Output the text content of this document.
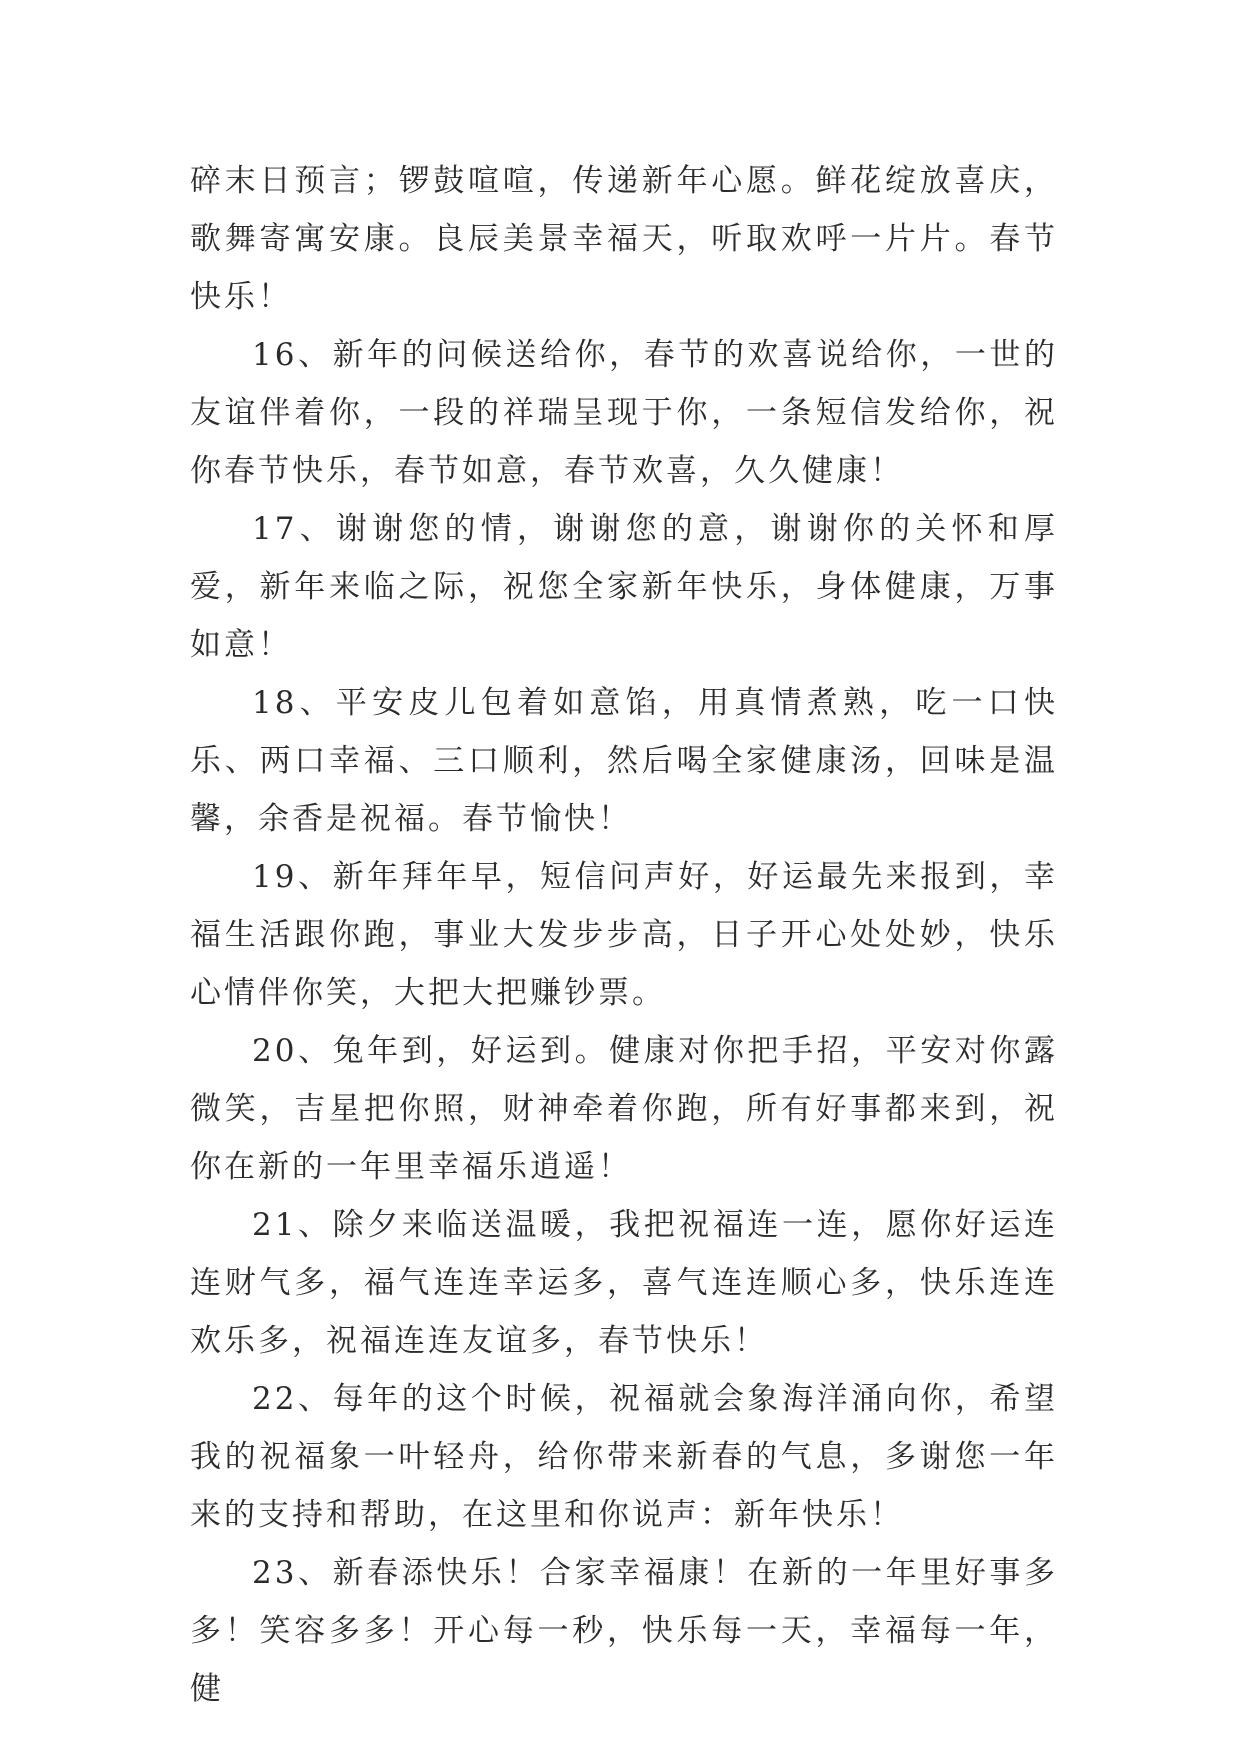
碎末日预言；锣鼓喧喧，传递新年心愿。鲜花绽放喜庆，歌舞寄寓安康。良辰美景幸福天，听取欢呼一片片。春节快乐！

16、新年的问候送给你，春节的欢喜说给你，一世的友谊伴着你，一段的祥瑞呈现于你，一条短信发给你，祝你春节快乐，春节如意，春节欢喜，久久健康！

17、谢谢您的情，谢谢您的意，谢谢你的关怀和厚爱，新年来临之际，祝您全家新年快乐，身体健康，万事如意！

18、平安皮儿包着如意馅，用真情煮熟，吃一口快乐、两口幸福、三口顺利，然后喝全家健康汤，回味是温馨，余香是祝福。春节愉快！

19、新年拜年早，短信问声好，好运最先来报到，幸福生活跟你跑，事业大发步步高，日子开心处处妙，快乐心情伴你笑，大把大把赚钞票。

20、兔年到，好运到。健康对你把手招，平安对你露微笑，吉星把你照，财神牵着你跑，所有好事都来到，祝你在新的一年里幸福乐逍遥！

21、除夕来临送温暖，我把祝福连一连，愿你好运连连财气多，福气连连幸运多，喜气连连顺心多，快乐连连欢乐多，祝福连连友谊多，春节快乐！

22、每年的这个时候，祝福就会象海洋涌向你，希望我的祝福象一叶轻舟，给你带来新春的气息，多谢您一年来的支持和帮助，在这里和你说声：新年快乐！

23、新春添快乐！合家幸福康！在新的一年里好事多多！笑容多多！开心每一秒，快乐每一天，幸福每一年，健
